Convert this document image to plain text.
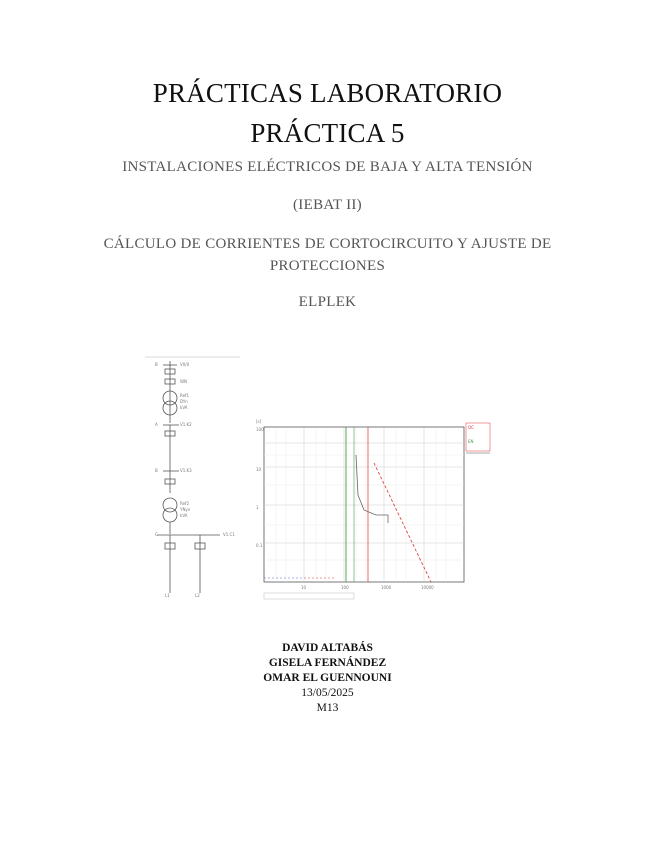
PRÁCTICAS LABORATORIO
PRÁCTICA 5
INSTALACIONES ELÉCTRICOS DE BAJA Y ALTA TENSIÓN
(IEBAT II)
CÁLCULO DE CORRIENTES DE CORTOCIRCUITO Y AJUSTE DE
PROTECCIONES
ELPLEK
B	V0/0
WN
Ref1
DYn
kVA
A	V1.K2
B	V1.K3
Ref2
YNyn
kVA
C	V1.C1
L1	L2
[s]
100
10
1
0.1
10	100	1000	10000
OC
EN
DAVID ALTABÁS
GISELA FERNÁNDEZ
OMAR EL GUENNOUNI
13/05/2025
M13
